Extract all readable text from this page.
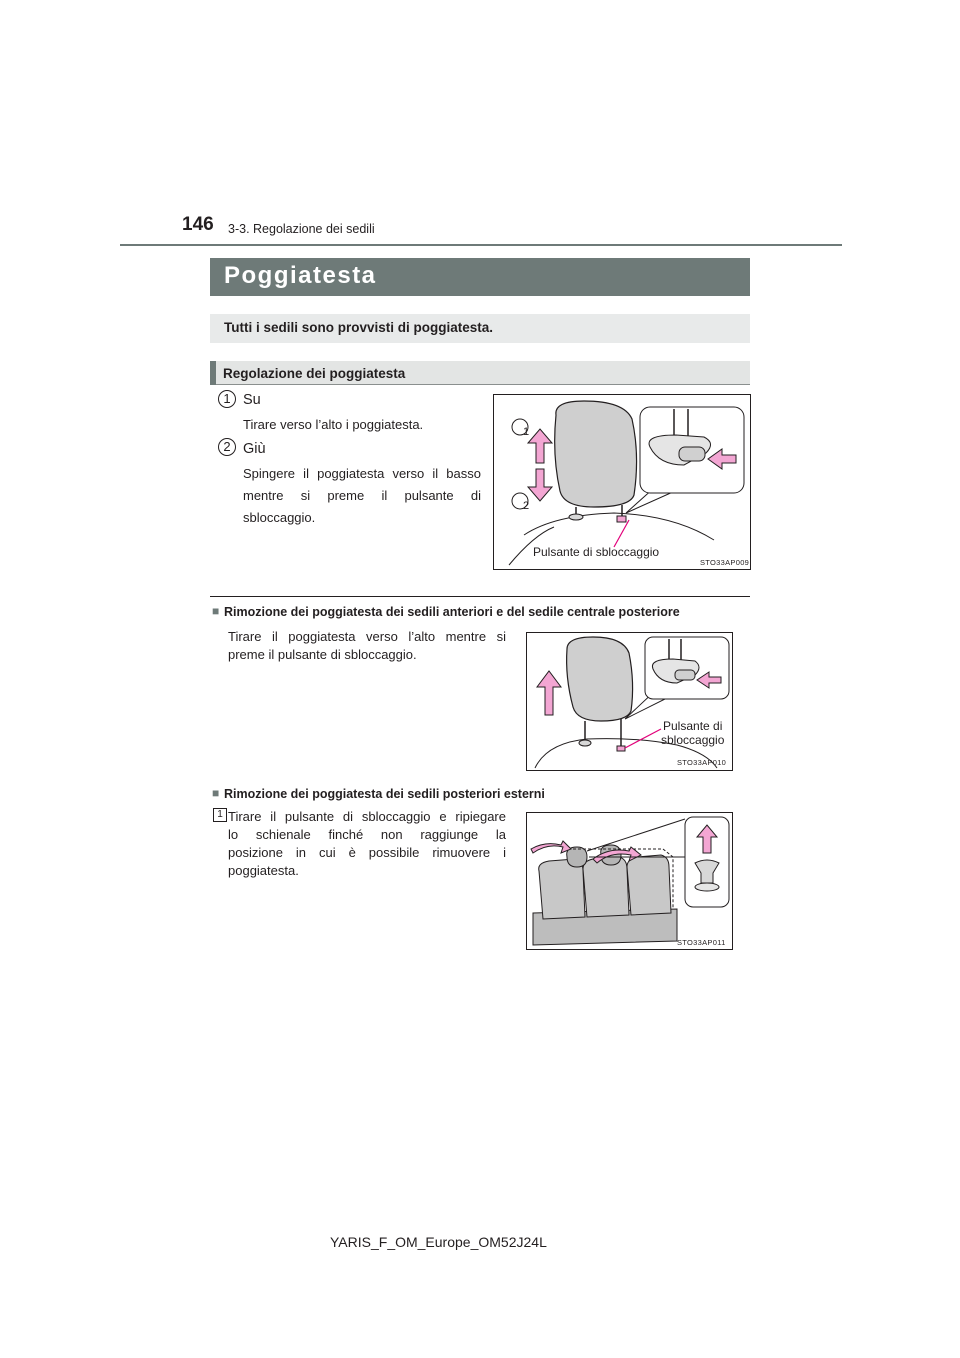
146 3-3. Regolazione dei sedili
Poggiatesta
Tutti i sedili sono provvisti di poggiatesta.
Regolazione dei poggiatesta
1 Su
Tirare verso l’alto i poggiatesta.
2 Giù
Spingere il poggiatesta verso il basso
mentre si preme il pulsante di
sbloccaggio.
1
2
Pulsante di sbloccaggio
STO33AP009
■ Rimozione dei poggiatesta dei sedili anteriori e del sedile centrale posteriore
Tirare il poggiatesta verso l’alto mentre si
preme il pulsante di sbloccaggio.
Pulsante di
sbloccaggio
STO33AP010
■ Rimozione dei poggiatesta dei sedili posteriori esterni
1 Tirare il pulsante di sbloccaggio e ripiegare
lo schienale finché non raggiunge la
posizione in cui è possibile rimuovere i
poggiatesta.
STO33AP011
YARIS_F_OM_Europe_OM52J24L
